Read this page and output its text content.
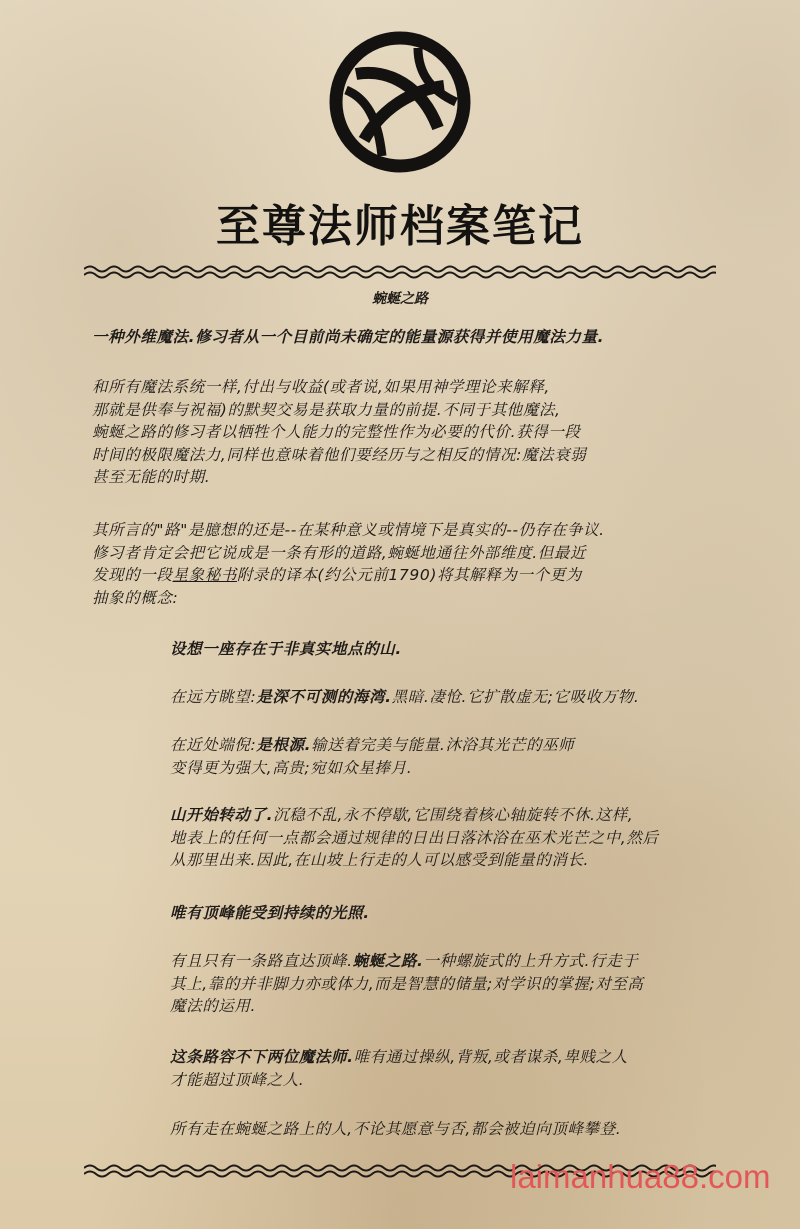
至尊法师档案笔记
蜿蜒之路
一种外维魔法.修习者从一个目前尚未确定的能量源获得并使用魔法力量.
和所有魔法系统一样,付出与收益(或者说,如果用神学理论来解释,
那就是供奉与祝福)的默契交易是获取力量的前提.不同于其他魔法,
蜿蜒之路的修习者以牺牲个人能力的完整性作为必要的代价.获得一段
时间的极限魔法力,同样也意味着他们要经历与之相反的情况:魔法衰弱
甚至无能的时期.
其所言的"路"是臆想的还是--在某种意义或情境下是真实的--仍存在争议.
修习者肯定会把它说成是一条有形的道路,蜿蜒地通往外部维度.但最近
发现的一段星象秘书附录的译本(约公元前1790)将其解释为一个更为
抽象的概念:
设想一座存在于非真实地点的山.
在远方眺望:是深不可测的海湾.黑暗.凄怆.它扩散虚无;它吸收万物.
在近处端倪:是根源.输送着完美与能量.沐浴其光芒的巫师
变得更为强大,高贵;宛如众星捧月.
山开始转动了.沉稳不乱,永不停歇,它围绕着核心轴旋转不休.这样,
地表上的任何一点都会通过规律的日出日落沐浴在巫术光芒之中,然后
从那里出来.因此,在山坡上行走的人可以感受到能量的消长.
唯有顶峰能受到持续的光照.
有且只有一条路直达顶峰.蜿蜒之路.一种螺旋式的上升方式.行走于
其上,靠的并非脚力亦或体力,而是智慧的储量;对学识的掌握;对至高
魔法的运用.
这条路容不下两位魔法师.唯有通过操纵,背叛,或者谋杀,卑贱之人
才能超过顶峰之人.
所有走在蜿蜒之路上的人,不论其愿意与否,都会被迫向顶峰攀登.
laimanhua88.com
